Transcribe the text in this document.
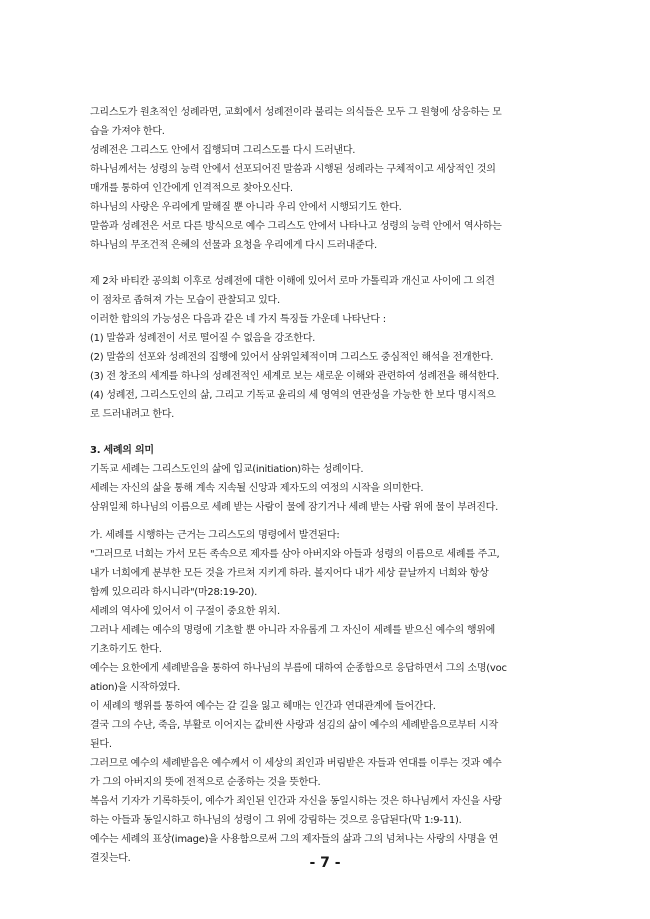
그리스도가 원초적인 성례라면, 교회에서 성례전이라 불리는 의식들은 모두 그 원형에 상응하는 모

습을 가져야 한다.

성례전은 그리스도 안에서 집행되며 그리스도를 다시 드러낸다.

하나님께서는 성령의 능력 안에서 선포되어진 말씀과 시행된 성례라는 구체적이고 세상적인 것의

매개를 통하여 인간에게 인격적으로 찾아오신다.

하나님의 사랑은 우리에게 말해질 뿐 아니라 우리 안에서 시행되기도 한다.

말씀과 성례전은 서로 다른 방식으로 예수 그리스도 안에서 나타나고 성령의 능력 안에서 역사하는

하나님의 무조건적 은혜의 선물과 요청을 우리에게 다시 드러내준다.

제 2차 바티칸 공의회 이후로 성례전에 대한 이해에 있어서 로마 가톨릭과 개신교 사이에 그 의견

이 점차로 좁혀져 가는 모습이 관찰되고 있다.

이러한 합의의 가능성은 다음과 같은 네 가지 특징들 가운데 나타난다 :

(1) 말씀과 성례전이 서로 떨어질 수 없음을 강조한다.

(2) 말씀의 선포와 성례전의 집행에 있어서 삼위일체적이며 그리스도 중심적인 해석을 전개한다.

(3) 전 창조의 세계를 하나의 성례전적인 세계로 보는 새로운 이해와 관련하여 성례전을 해석한다.

(4) 성례전, 그리스도인의 삶, 그리고 기독교 윤리의 세 영역의 연관성을 가능한 한 보다 명시적으

로 드러내려고 한다.

3. 세례의 의미

기독교 세례는 그리스도인의 삶에 입교(initiation)하는 성례이다.

세례는 자신의 삶을 통해 계속 지속될 신앙과 제자도의 여정의 시작을 의미한다.

삼위일체 하나님의 이름으로 세례 받는 사람이 물에 잠기거나 세례 받는 사람 위에 물이 부려진다.

가. 세례를 시행하는 근거는 그리스도의 명령에서 발견된다:

"그러므로 너희는 가서 모든 족속으로 제자를 삼아 아버지와 아들과 성령의 이름으로 세례를 주고,

내가 너희에게 분부한 모든 것을 가르쳐 지키게 하라. 볼지어다 내가 세상 끝날까지 너희와 항상

함께 있으리라 하시니라"(마28:19-20).

세례의 역사에 있어서 이 구절이 중요한 위치.

그러나 세례는 예수의 명령에 기초할 뿐 아니라 자유롭게 그 자신이 세례를 받으신 예수의 행위에

기초하기도 한다.

예수는 요한에게 세례받음을 통하여 하나님의 부름에 대하여 순종함으로 응답하면서 그의 소명(voc

ation)을 시작하였다.

이 세례의 행위를 통하여 예수는 갈 길을 잃고 헤매는 인간과 연대관계에 들어간다.

결국 그의 수난, 죽음, 부활로 이어지는 값비싼 사랑과 섬김의 삶이 예수의 세례받음으로부터 시작

된다.

그러므로 예수의 세례받음은 예수께서 이 세상의 죄인과 버림받은 자들과 연대를 이루는 것과 예수

가 그의 아버지의 뜻에 전적으로 순종하는 것을 뜻한다.

복음서 기자가 기록하듯이, 예수가 죄인된 인간과 자신을 동일시하는 것은 하나님께서 자신을 사랑

하는 아들과 동일시하고 하나님의 성령이 그 위에 강림하는 것으로 응답된다(막 1:9-11).

예수는 세례의 표상(image)을 사용함으로써 그의 제자들의 삶과 그의 넘쳐나는 사랑의 사명을 연

결짓는다.	- 7 -
